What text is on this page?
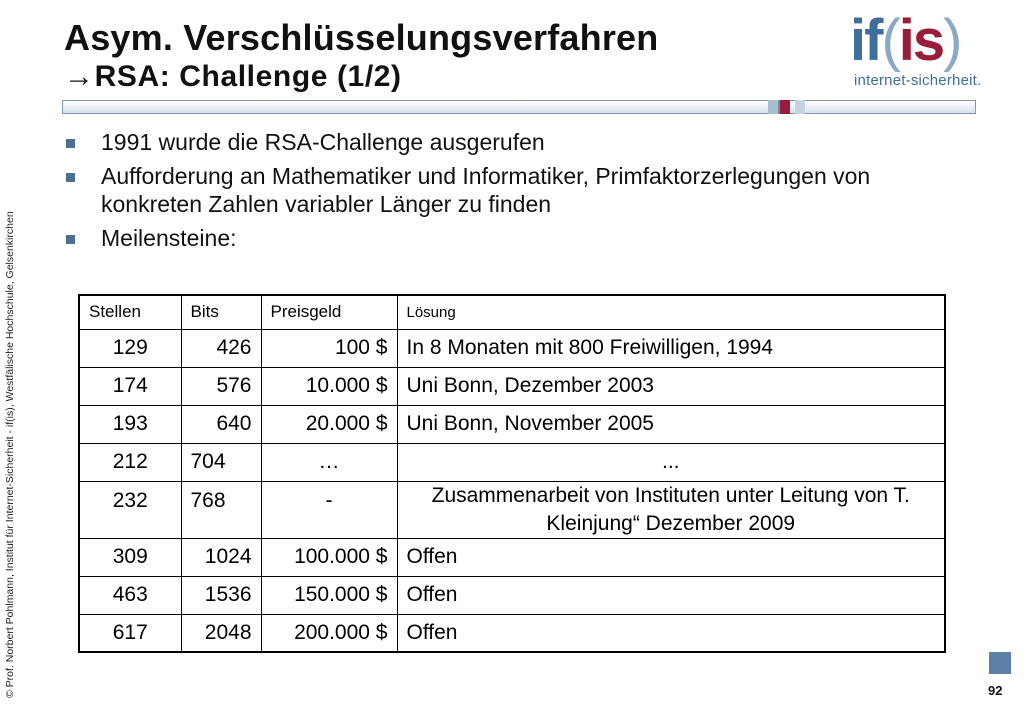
Asym. Verschlüsselungsverfahren
→RSA: Challenge (1/2)
if(is)
internet-sicherheit.
1991 wurde die RSA-Challenge ausgerufen
Aufforderung an Mathematiker und Informatiker, Primfaktorzerlegungen von konkreten Zahlen variabler Länger zu finden
Meilensteine:
Stellen	Bits	Preisgeld	Lösung
129	426	100 $	In 8 Monaten mit 800 Freiwilligen, 1994
174	576	10.000 $	Uni Bonn, Dezember 2003
193	640	20.000 $	Uni Bonn, November 2005
212	704	…	...
232	768	-	Zusammenarbeit von Instituten unter Leitung von T. Kleinjung“ Dezember 2009
309	1024	100.000 $	Offen
463	1536	150.000 $	Offen
617	2048	200.000 $	Offen
© Prof. Norbert Pohlmann, Institut für Internet-Sicherheit - if(is), Westfälische Hochschule, Gelsenkirchen	92
